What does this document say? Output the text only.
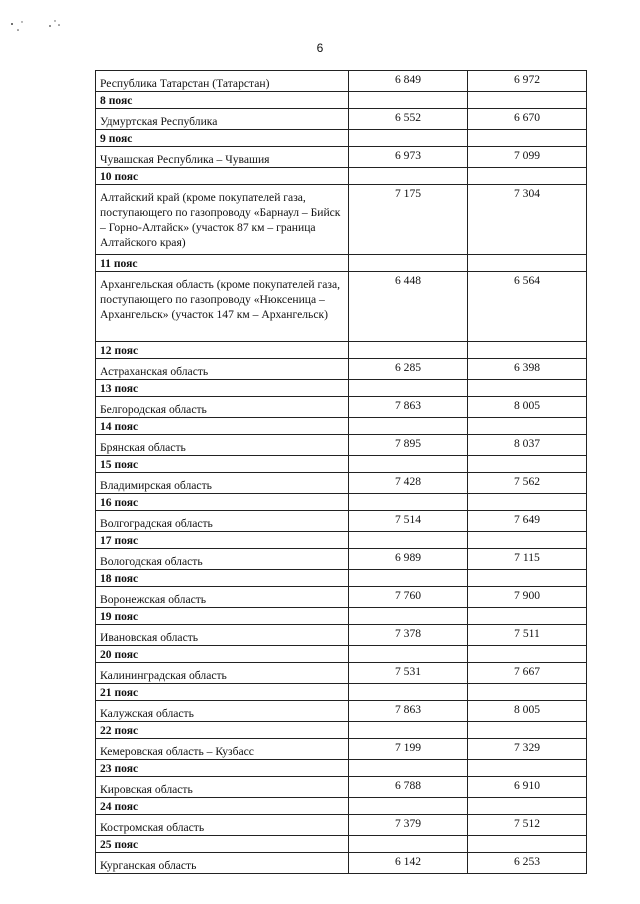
6
Республика Татарстан (Татарстан)	6 849	6 972
8 пояс		
Удмуртская Республика	6 552	6 670
9 пояс		
Чувашская Республика – Чувашия	6 973	7 099
10 пояс		
Алтайский край (кроме покупателей газа, поступающего по газопроводу «Барнаул – Бийск – Горно-Алтайск» (участок 87 км – граница Алтайского края)	7 175	7 304
11 пояс		
Архангельская область (кроме покупателей газа, поступающего по газопроводу «Нюксеница – Архангельск» (участок 147 км – Архангельск)	6 448	6 564
12 пояс		
Астраханская область	6 285	6 398
13 пояс		
Белгородская область	7 863	8 005
14 пояс		
Брянская область	7 895	8 037
15 пояс		
Владимирская область	7 428	7 562
16 пояс		
Волгоградская область	7 514	7 649
17 пояс		
Вологодская область	6 989	7 115
18 пояс		
Воронежская область	7 760	7 900
19 пояс		
Ивановская область	7 378	7 511
20 пояс		
Калининградская область	7 531	7 667
21 пояс		
Калужская область	7 863	8 005
22 пояс		
Кемеровская область – Кузбасс	7 199	7 329
23 пояс		
Кировская область	6 788	6 910
24 пояс		
Костромская область	7 379	7 512
25 пояс		
Курганская область	6 142	6 253
